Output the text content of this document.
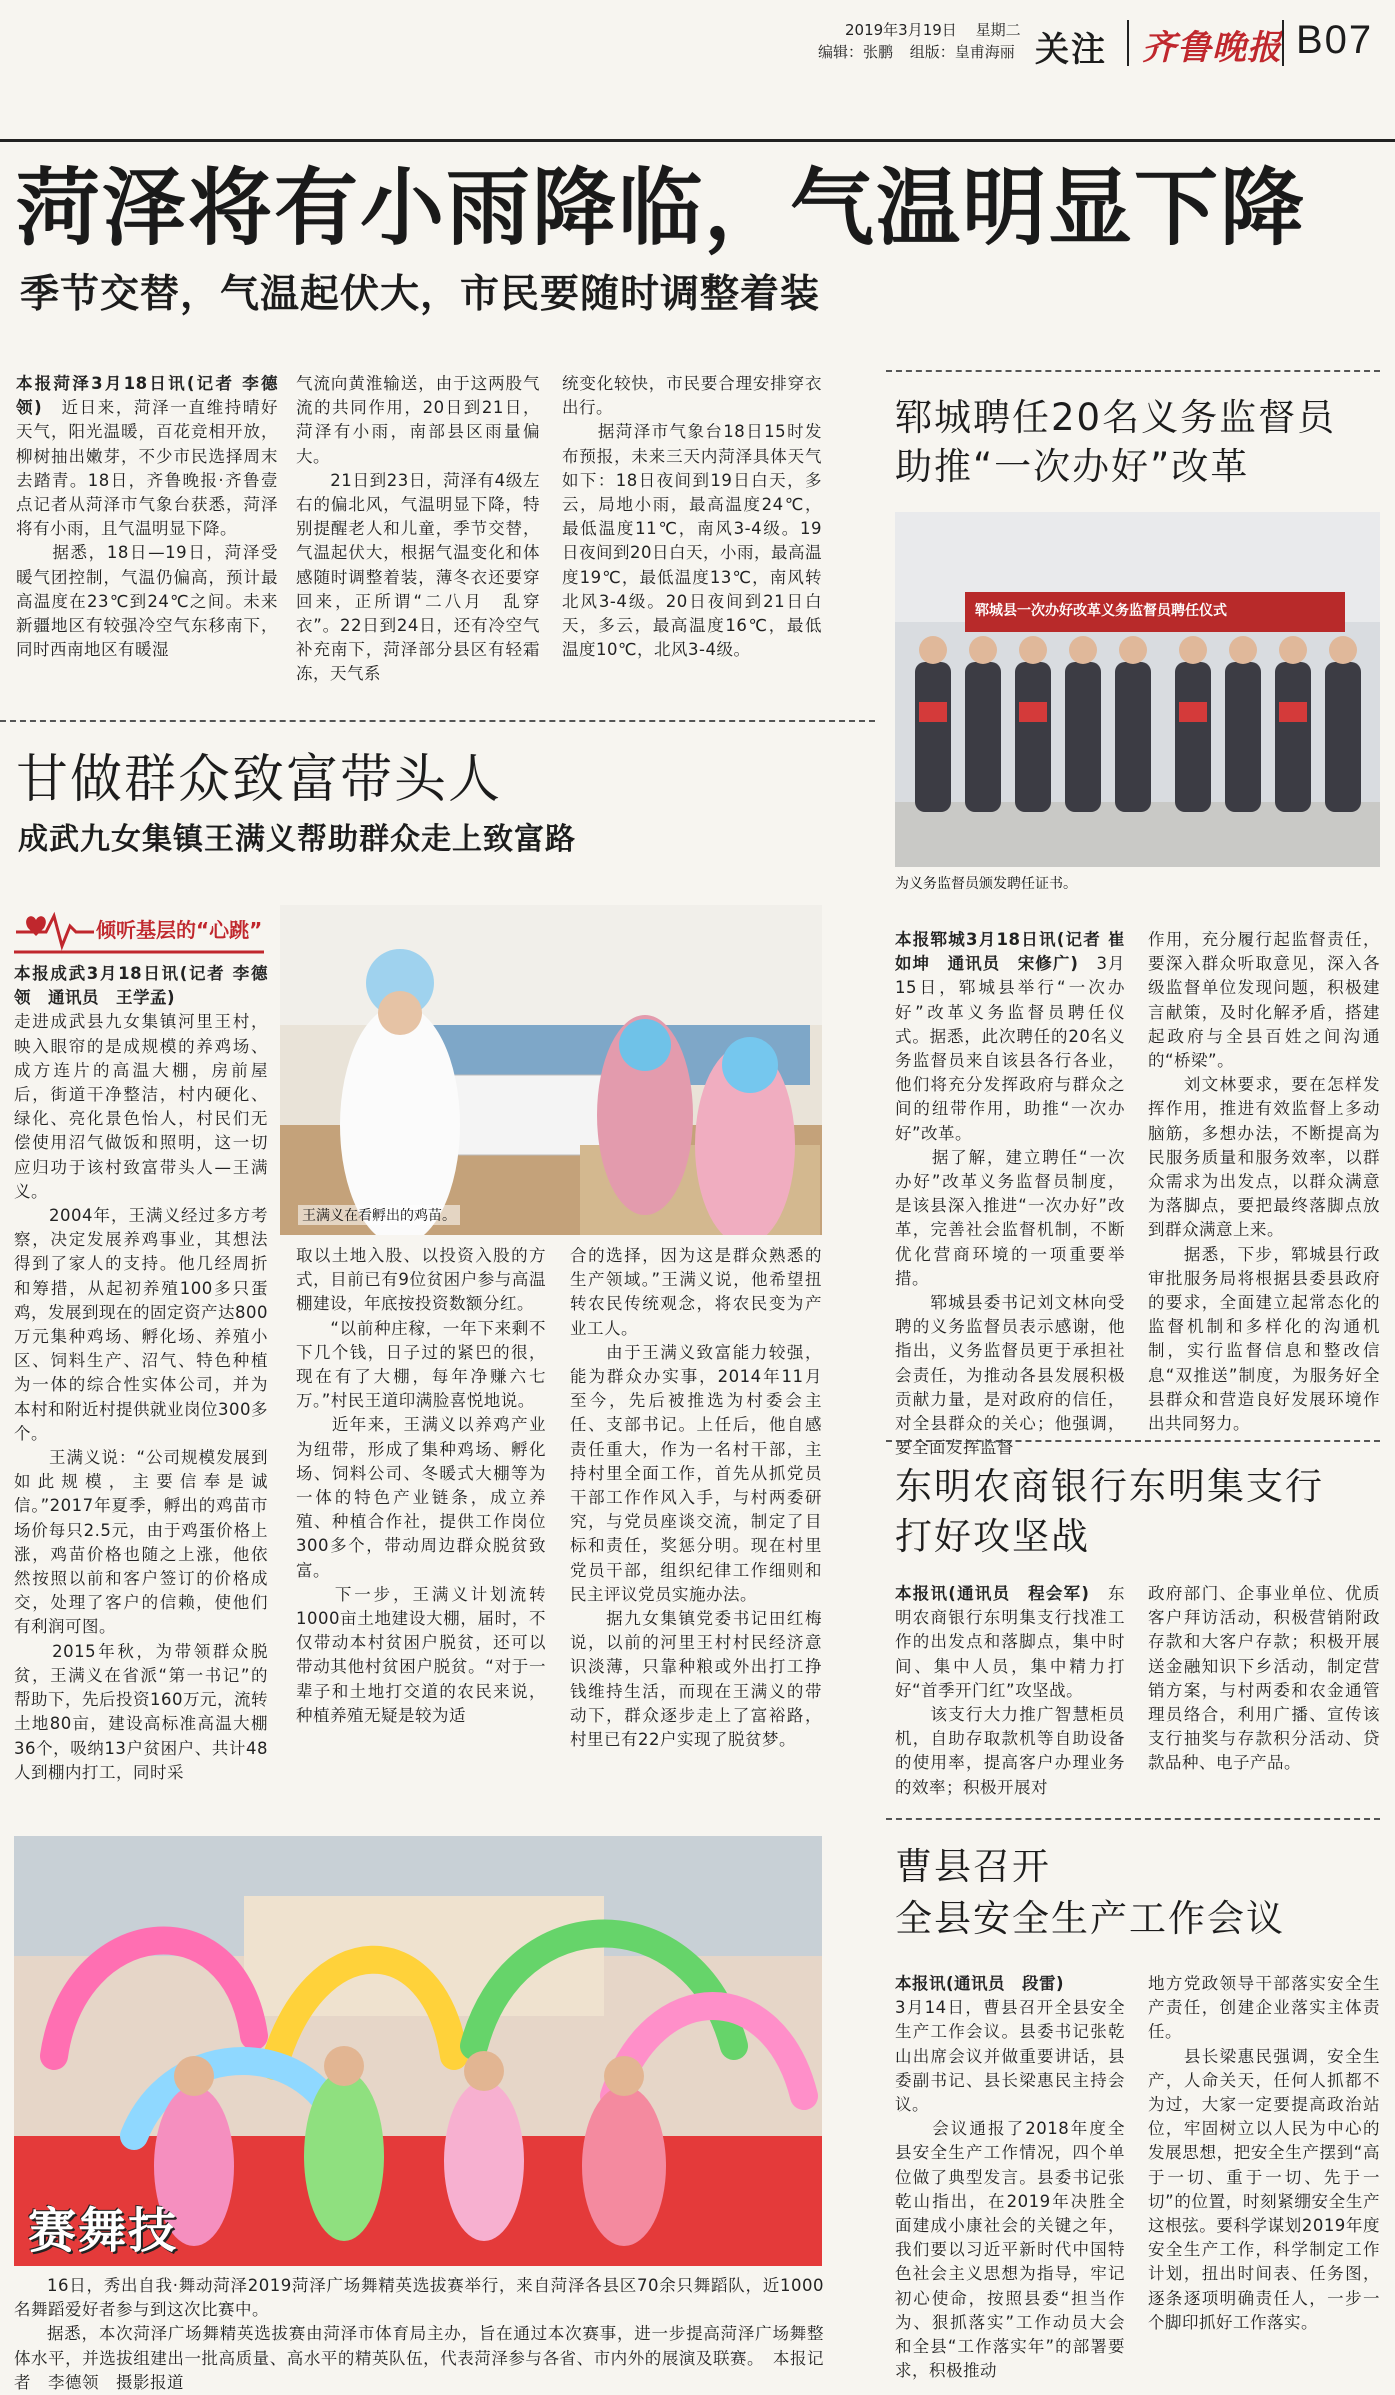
2019年3月19日 星期二
编辑：张鹏 组版：皇甫海丽 关注 齐鲁晚报 B07
菏泽将有小雨降临，气温明显下降
季节交替，气温起伏大，市民要随时调整着装
本报菏泽3月18日讯(记者 李德领)　 近日来，菏泽一直维持晴好天气，阳光温暖，百花竞相开放，柳树抽出嫩芽，不少市民选择周末去踏青。18日，齐鲁晚报·齐鲁壹点记者从菏泽市气象台获悉，菏泽将有小雨，且气温明显下降。
　　据悉，18日—19日，菏泽受暖气团控制，气温仍偏高，预计最高温度在23℃到24℃之间。未来新疆地区有较强冷空气东移南下，同时西南地区有暖湿
气流向黄淮输送，由于这两股气流的共同作用，20日到21日，菏泽有小雨，南部县区雨量偏大。
　　21日到23日，菏泽有4级左右的偏北风，气温明显下降，特别提醒老人和儿童，季节交替，气温起伏大，根据气温变化和体感随时调整着装，薄冬衣还要穿回来，正所谓“二八月　乱穿衣”。22日到24日，还有冷空气补充南下，菏泽部分县区有轻霜冻，天气系
统变化较快，市民要合理安排穿衣出行。
　　据菏泽市气象台18日15时发布预报，未来三天内菏泽具体天气如下：18日夜间到19日白天，多云，局地小雨，最高温度24℃，最低温度11℃，南风3-4级。19日夜间到20日白天，小雨，最高温度19℃，最低温度13℃，南风转北风3-4级。20日夜间到21日白天，多云，最高温度16℃，最低温度10℃，北风3-4级。
甘做群众致富带头人
成武九女集镇王满义帮助群众走上致富路
倾听基层的“心跳”
王满义在看孵出的鸡苗。
本报成武3月18日讯(记者 李德领　通讯员　王学孟)
走进成武县九女集镇河里王村，映入眼帘的是成规模的养鸡场、成方连片的高温大棚，房前屋后，街道干净整洁，村内硬化、绿化、亮化景色怡人，村民们无偿使用沼气做饭和照明，这一切应归功于该村致富带头人—王满义。
　　2004年，王满义经过多方考察，决定发展养鸡事业，其想法得到了家人的支持。他几经周折和筹措，从起初养殖100多只蛋鸡，发展到现在的固定资产达800万元集种鸡场、孵化场、养殖小区、饲料生产、沼气、特色种植为一体的综合性实体公司，并为本村和附近村提供就业岗位300多个。
　　王满义说：“公司规模发展到如此规模，主要信奉是诚信。”2017年夏季，孵出的鸡苗市场价每只2.5元，由于鸡蛋价格上涨，鸡苗价格也随之上涨，他依然按照以前和客户签订的价格成交，处理了客户的信赖，使他们有利润可图。
　　2015年秋，为带领群众脱贫，王满义在省派“第一书记”的帮助下，先后投资160万元，流转土地80亩，建设高标准高温大棚36个，吸纳13户贫困户、共计48人到棚内打工，同时采
取以土地入股、以投资入股的方式，目前已有9位贫困户参与高温棚建设，年底按投资数额分红。
　　“以前种庄稼，一年下来剩不下几个钱，日子过的紧巴的很，现在有了大棚，每年净赚六七万。”村民王道印满脸喜悦地说。
　　近年来，王满义以养鸡产业为纽带，形成了集种鸡场、孵化场、饲料公司、冬暖式大棚等为一体的特色产业链条，成立养殖、种植合作社，提供工作岗位300多个，带动周边群众脱贫致富。
　　下一步，王满义计划流转1000亩土地建设大棚，届时，不仅带动本村贫困户脱贫，还可以带动其他村贫困户脱贫。“对于一辈子和土地打交道的农民来说，种植养殖无疑是较为适
合的选择，因为这是群众熟悉的生产领域。”王满义说，他希望扭转农民传统观念，将农民变为产业工人。
　　由于王满义致富能力较强，能为群众办实事，2014年11月至今，先后被推选为村委会主任、支部书记。上任后，他自感责任重大，作为一名村干部，主持村里全面工作，首先从抓党员干部工作作风入手，与村两委研究，与党员座谈交流，制定了目标和责任，奖惩分明。现在村里党员干部，组织纪律工作细则和民主评议党员实施办法。
　　据九女集镇党委书记田红梅说，以前的河里王村村民经济意识淡薄，只靠种粮或外出打工挣钱维持生活，而现在王满义的带动下，群众逐步走上了富裕路，村里已有22户实现了脱贫梦。
赛舞技
16日，秀出自我·舞动菏泽2019菏泽广场舞精英选拔赛举行，来自菏泽各县区70余只舞蹈队，近1000名舞蹈爱好者参与到这次比赛中。
据悉，本次菏泽广场舞精英选拔赛由菏泽市体育局主办，旨在通过本次赛事，进一步提高菏泽广场舞整体水平，并选拔组建出一批高质量、高水平的精英队伍，代表菏泽参与各省、市内外的展演及联赛。　 本报记者　李德领　摄影报道
郓城聘任20名义务监督员
助推“一次办好”改革
郓城县一次办好改革义务监督员聘任仪式
为义务监督员颁发聘任证书。
本报郓城3月18日讯(记者 崔如坤　通讯员　宋修广)　 3月15日，郓城县举行“一次办好”改革义务监督员聘任仪式。据悉，此次聘任的20名义务监督员来自该县各行各业，他们将充分发挥政府与群众之间的纽带作用，助推“一次办好”改革。
　　据了解，建立聘任“一次办好”改革义务监督员制度，是该县深入推进“一次办好”改革，完善社会监督机制，不断优化营商环境的一项重要举措。
　　郓城县委书记刘文林向受聘的义务监督员表示感谢，他指出，义务监督员更于承担社会责任，为推动各县发展积极贡献力量，是对政府的信任，对全县群众的关心；他强调，要全面发挥监督
作用，充分履行起监督责任，要深入群众听取意见，深入各级监督单位发现问题，积极建言献策，及时化解矛盾，搭建起政府与全县百姓之间沟通的“桥梁”。
　　刘文林要求，要在怎样发挥作用，推进有效监督上多动脑筋，多想办法，不断提高为民服务质量和服务效率，以群众需求为出发点，以群众满意为落脚点，要把最终落脚点放到群众满意上来。
　　据悉，下步，郓城县行政审批服务局将根据县委县政府的要求，全面建立起常态化的监督机制和多样化的沟通机制，实行监督信息和整改信息“双推送”制度，为服务好全县群众和营造良好发展环境作出共同努力。
东明农商银行东明集支行
打好攻坚战
本报讯(通讯员　程会军)　 东明农商银行东明集支行找准工作的出发点和落脚点，集中时间、集中人员，集中精力打好“首季开门红”攻坚战。
　　该支行大力推广智慧柜员机，自助存取款机等自助设备的使用率，提高客户办理业务的效率；积极开展对
政府部门、企事业单位、优质客户拜访活动，积极营销附政存款和大客户存款；积极开展送金融知识下乡活动，制定营销方案，与村两委和农金通管理员络合，利用广播、宣传该支行抽奖与存款积分活动、贷款品种、电子产品。
曹县召开
全县安全生产工作会议
本报讯(通讯员　段雷)
3月14日，曹县召开全县安全生产工作会议。县委书记张乾山出席会议并做重要讲话，县委副书记、县长梁惠民主持会议。
　　会议通报了2018年度全县安全生产工作情况，四个单位做了典型发言。县委书记张乾山指出，在2019年决胜全面建成小康社会的关键之年，我们要以习近平新时代中国特色社会主义思想为指导，牢记初心使命，按照县委“担当作为、狠抓落实”工作动员大会和全县“工作落实年”的部署要求，积极推动
地方党政领导干部落实安全生产责任，创建企业落实主体责任。
　　县长梁惠民强调，安全生产，人命关天，任何人抓都不为过，大家一定要提高政治站位，牢固树立以人民为中心的发展思想，把安全生产摆到“高于一切、重于一切、先于一切”的位置，时刻紧绷安全生产这根弦。要科学谋划2019年度安全生产工作，科学制定工作计划，扭出时间表、任务图，逐条逐项明确责任人，一步一个脚印抓好工作落实。
